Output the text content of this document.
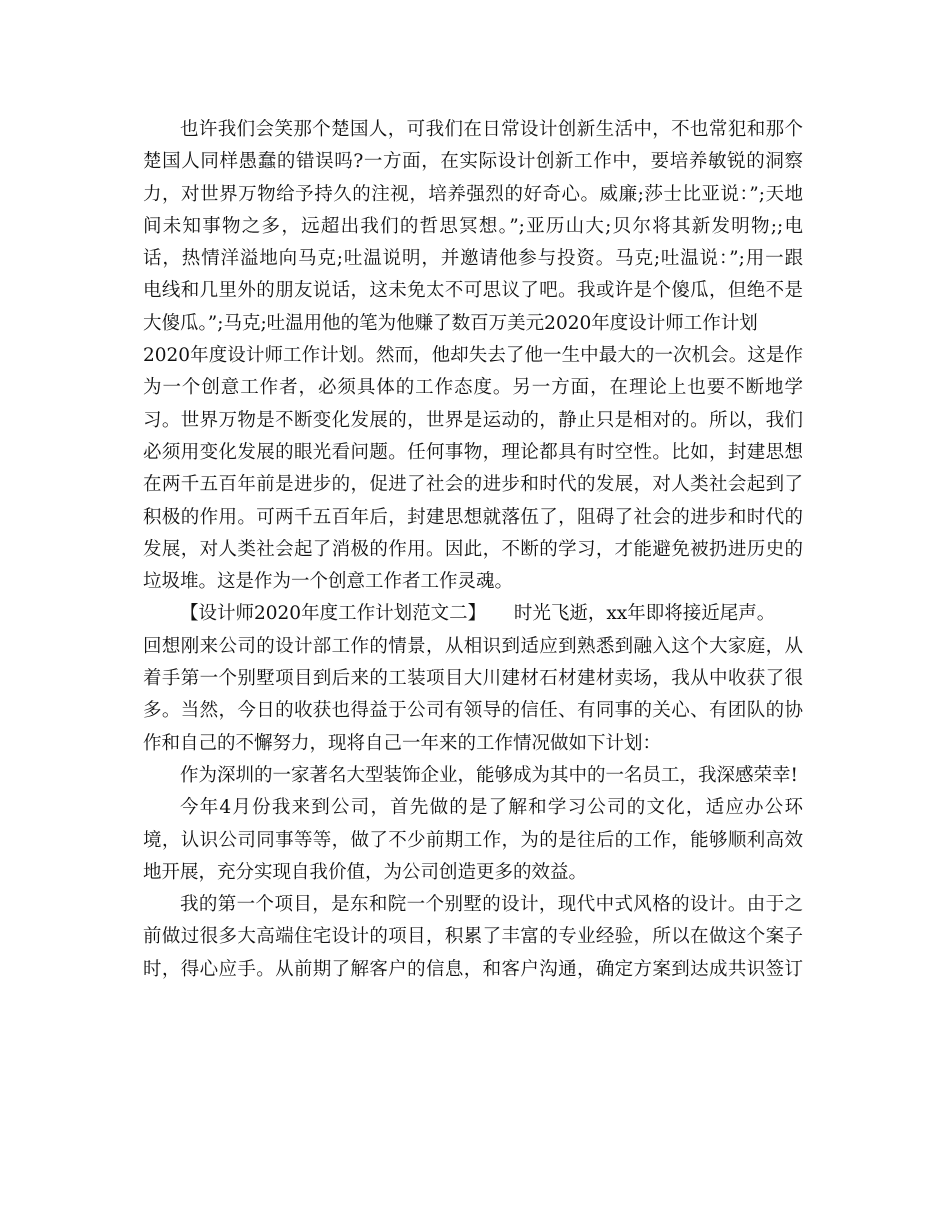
也许我们会笑那个楚国人，可我们在日常设计创新生活中，不也常犯和那个
楚国人同样愚蠢的错误吗?一方面，在实际设计创新工作中，要培养敏锐的洞察
力，对世界万物给予持久的注视，培养强烈的好奇心。威廉;莎士比亚说：”;天地
间未知事物之多，远超出我们的哲思冥想。”;亚历山大;贝尔将其新发明物;;电
话，热情洋溢地向马克;吐温说明，并邀请他参与投资。马克;吐温说：”;用一跟
电线和几里外的朋友说话，这未免太不可思议了吧。我或许是个傻瓜，但绝不是
大傻瓜。”;马克;吐温用他的笔为他赚了数百万美元2020年度设计师工作计划
2020年度设计师工作计划。然而，他却失去了他一生中最大的一次机会。这是作
为一个创意工作者，必须具体的工作态度。另一方面，在理论上也要不断地学
习。世界万物是不断变化发展的，世界是运动的，静止只是相对的。所以，我们
必须用变化发展的眼光看问题。任何事物，理论都具有时空性。比如，封建思想
在两千五百年前是进步的，促进了社会的进步和时代的发展，对人类社会起到了
积极的作用。可两千五百年后，封建思想就落伍了，阻碍了社会的进步和时代的
发展，对人类社会起了消极的作用。因此，不断的学习，才能避免被扔进历史的
垃圾堆。这是作为一个创意工作者工作灵魂。
【设计师2020年度工作计划范文二】　　时光飞逝，xx年即将接近尾声。
回想刚来公司的设计部工作的情景，从相识到适应到熟悉到融入这个大家庭，从
着手第一个别墅项目到后来的工装项目大川建材石材建材卖场，我从中收获了很
多。当然，今日的收获也得益于公司有领导的信任、有同事的关心、有团队的协
作和自己的不懈努力，现将自己一年来的工作情况做如下计划：
作为深圳的一家著名大型装饰企业，能够成为其中的一名员工，我深感荣幸!
今年4月份我来到公司，首先做的是了解和学习公司的文化，适应办公环
境，认识公司同事等等，做了不少前期工作，为的是往后的工作，能够顺利高效
地开展，充分实现自我价值，为公司创造更多的效益。
我的第一个项目，是东和院一个别墅的设计，现代中式风格的设计。由于之
前做过很多大高端住宅设计的项目，积累了丰富的专业经验，所以在做这个案子
时，得心应手。从前期了解客户的信息，和客户沟通，确定方案到达成共识签订
